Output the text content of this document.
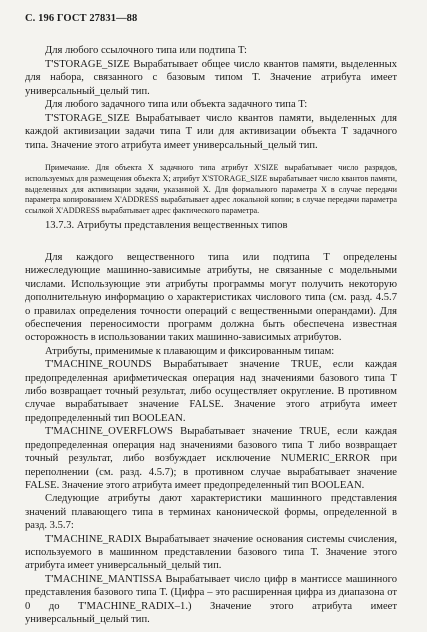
С. 196 ГОСТ 27831—88

Для любого ссылочного типа или подтипа T:

T'STORAGE_SIZE Вырабатывает общее число квантов памяти, выделенных для набора, связанного с базовым типом T. Значение атрибута имеет универсальный_целый тип.

Для любого задачного типа или объекта задачного типа T:

T'STORAGE_SIZE Вырабатывает число квантов памяти, выделенных для каждой активизации задачи типа T или для активизации объекта T задачного типа. Значение этого атрибута имеет универсальный_целый тип.

Примечание. Для объекта X задачного типа атрибут X'SIZE вырабатывает число разрядов, используемых для размещения объекта X; атрибут X'STORAGE_SIZE вырабатывает число квантов памяти, выделенных для активизации задачи, указанной X. Для формального параметра X в случае передачи параметра копированием X'ADDRESS вырабатывает адрес локальной копии; в случае передачи параметра ссылкой X'ADDRESS вырабатывает адрес фактического параметра.

13.7.3. Атрибуты представления вещественных типов

Для каждого вещественного типа или подтипа T определены нижеследующие машинно-зависимые атрибуты, не связанные с модельными числами. Использующие эти атрибуты программы могут получить некоторую дополнительную информацию о характеристиках числового типа (см. разд. 4.5.7 о правилах определения точности операций с вещественными операндами). Для обеспечения переносимости программ должна быть обеспечена известная осторожность в использовании таких машинно-зависимых атрибутов.

Атрибуты, применимые к плавающим и фиксированным типам:

T'MACHINE_ROUNDS Вырабатывает значение TRUE, если каждая предопределенная арифметическая операция над значениями базового типа T либо возвращает точный результат, либо осуществляет округление. В противном случае вырабатывает значение FALSE. Значение этого атрибута имеет предопределенный тип BOOLEAN.

T'MACHINE_OVERFLOWS Вырабатывает значение TRUE, если каждая предопределенная операция над значениями базового типа T либо возвращает точный результат, либо возбуждает исключение NUMERIC_ERROR при переполнении (см. разд. 4.5.7); в противном случае вырабатывает значение FALSE. Значение этого атрибута имеет предопределенный тип BOOLEAN.

Следующие атрибуты дают характеристики машинного представления значений плавающего типа в терминах канонической формы, определенной в разд. 3.5.7:

T'MACHINE_RADIX Вырабатывает значение основания системы счисления, используемого в машинном представлении базового типа T. Значение этого атрибута имеет универсальный_целый тип.

T'MACHINE_MANTISSA Вырабатывает число цифр в мантиссе машинного представления базового типа T. (Цифра – это расширенная цифра из диапазона от 0 до T'MACHINE_RADIX–1.) Значение этого атрибута имеет универсальный_целый тип.
